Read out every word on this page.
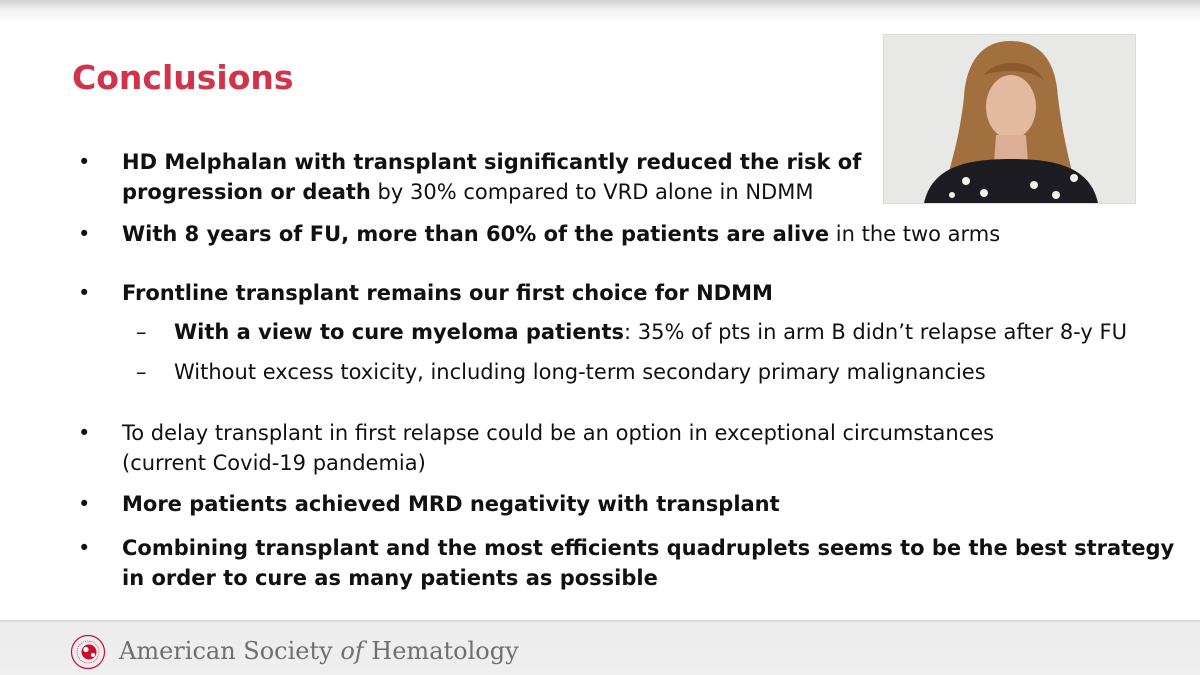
Conclusions
• HD Melphalan with transplant significantly reduced the risk of
progression or death by 30% compared to VRD alone in NDMM
• With 8 years of FU, more than 60% of the patients are alive in the two arms
• Frontline transplant remains our first choice for NDMM
– With a view to cure myeloma patients: 35% of pts in arm B didn’t relapse after 8-y FU
– Without excess toxicity, including long-term secondary primary malignancies
• To delay transplant in first relapse could be an option in exceptional circumstances
(current Covid-19 pandemia)
• More patients achieved MRD negativity with transplant
• Combining transplant and the most efficients quadruplets seems to be the best strategy
in order to cure as many patients as possible
American Society of Hematology
